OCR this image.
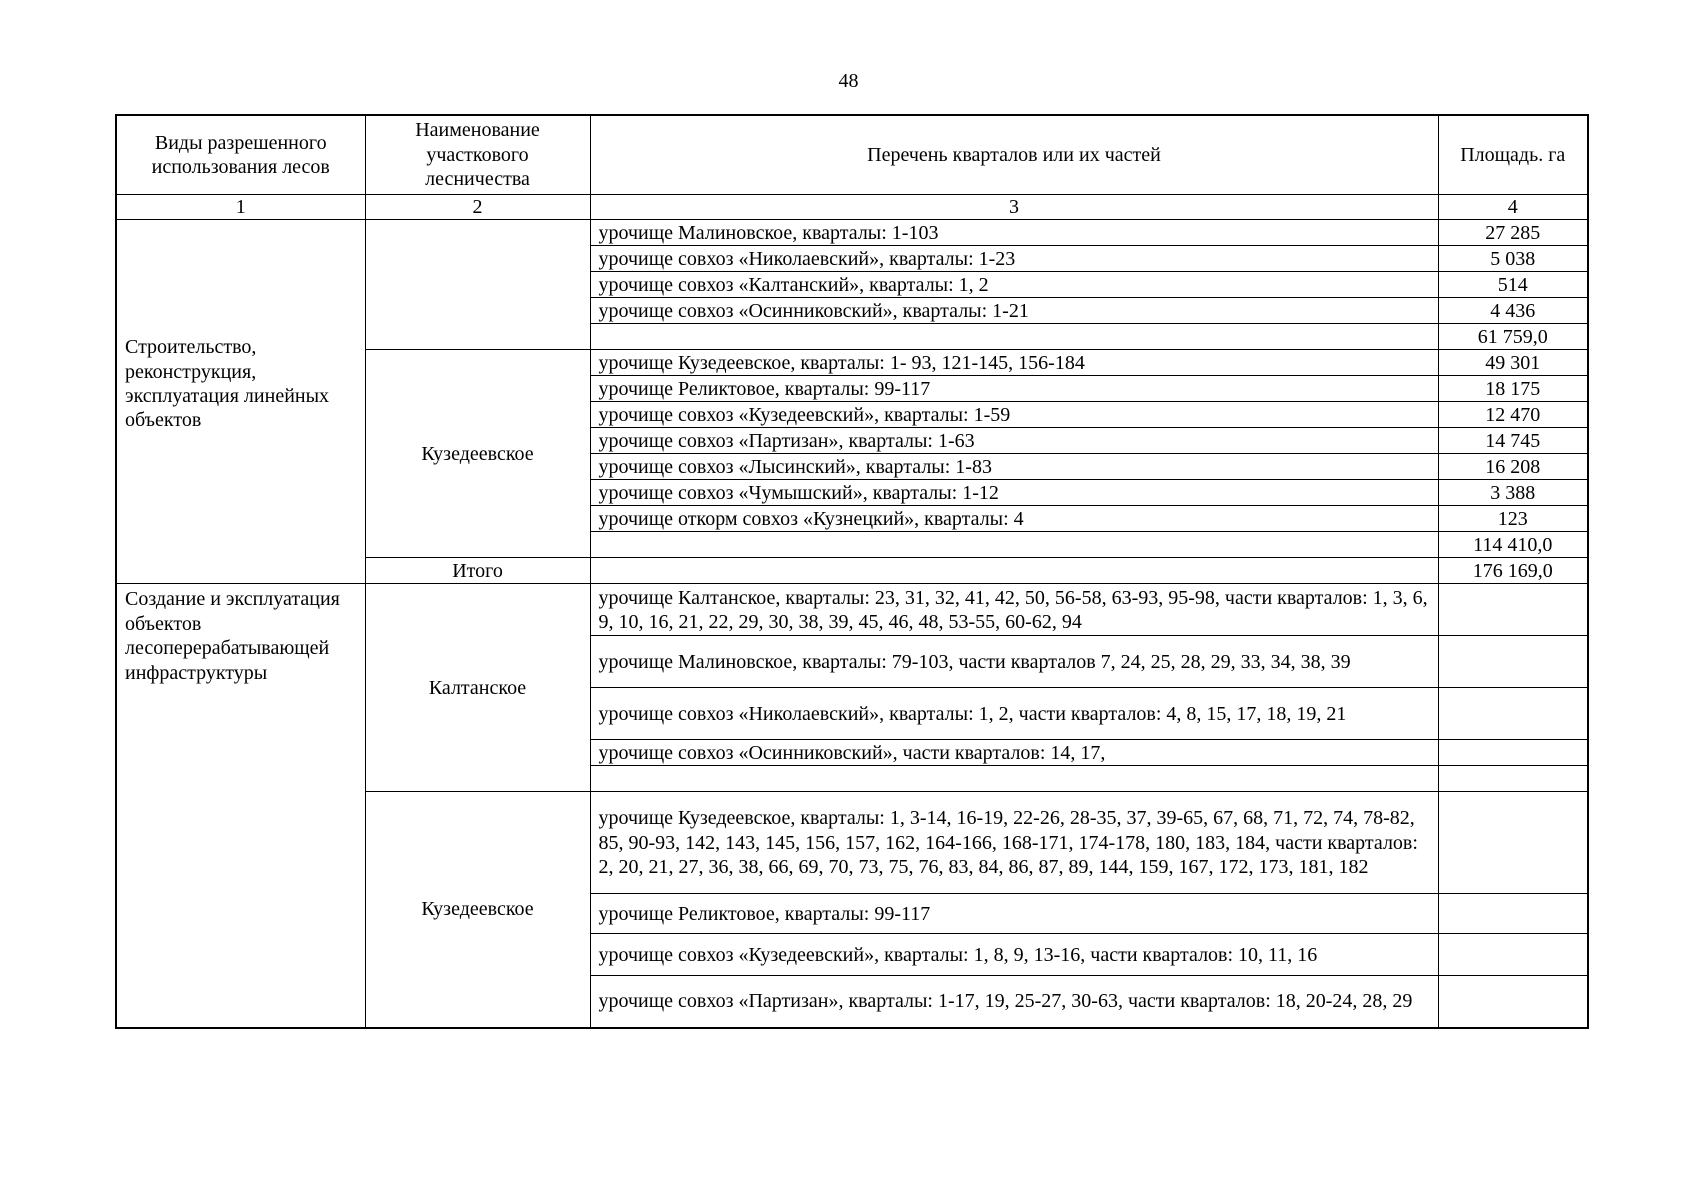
48
Виды разрешенного использования лесов	Наименование участкового лесничества	Перечень кварталов или их частей	Площадь. га
1	2	3	4

Строительство, реконструкция, эксплуатация линейных объектов		урочище Малиновское, кварталы: 1-103	27 285
		урочище совхоз «Николаевский», кварталы: 1-23	5 038
		урочище совхоз «Калтанский», кварталы: 1, 2	514
		урочище совхоз «Осинниковский», кварталы: 1-21	4 436
			61 759,0
	Кузедеевское	урочище Кузедеевское, кварталы: 1- 93, 121-145, 156-184	49 301
		урочище Реликтовое, кварталы: 99-117	18 175
		урочище совхоз «Кузедеевский», кварталы: 1-59	12 470
		урочище совхоз «Партизан», кварталы: 1-63	14 745
		урочище совхоз «Лысинский», кварталы: 1-83	16 208
		урочище совхоз «Чумышский», кварталы: 1-12	3 388
		урочище откорм совхоз «Кузнецкий», кварталы: 4	123
			114 410,0
	Итого		176 169,0
Создание и эксплуатация объектов лесоперерабатывающей инфраструктуры	Калтанское	урочище Калтанское, кварталы: 23, 31, 32, 41, 42, 50, 56-58, 63-93, 95-98, части кварталов: 1, 3, 6, 9, 10, 16, 21, 22, 29, 30, 38, 39, 45, 46, 48, 53-55, 60-62, 94	
		урочище Малиновское, кварталы: 79-103, части кварталов 7, 24, 25, 28, 29, 33, 34, 38, 39	
		урочище совхоз «Николаевский», кварталы: 1, 2, части кварталов: 4, 8, 15, 17, 18, 19, 21	
		урочище совхоз «Осинниковский», части кварталов: 14, 17,	

	Кузедеевское	урочище Кузедеевское, кварталы: 1, 3-14, 16-19, 22-26, 28-35, 37, 39-65, 67, 68, 71, 72, 74, 78-82, 85, 90-93, 142, 143, 145, 156, 157, 162, 164-166, 168-171, 174-178, 180, 183, 184, части кварталов: 2, 20, 21, 27, 36, 38, 66, 69, 70, 73, 75, 76, 83, 84, 86, 87, 89, 144, 159, 167, 172, 173, 181, 182	
		урочище Реликтовое, кварталы: 99-117	
		урочище совхоз «Кузедеевский», кварталы: 1, 8, 9, 13-16, части кварталов: 10, 11, 16	
		урочище совхоз «Партизан», кварталы: 1-17, 19, 25-27, 30-63, части кварталов: 18, 20-24, 28, 29	
